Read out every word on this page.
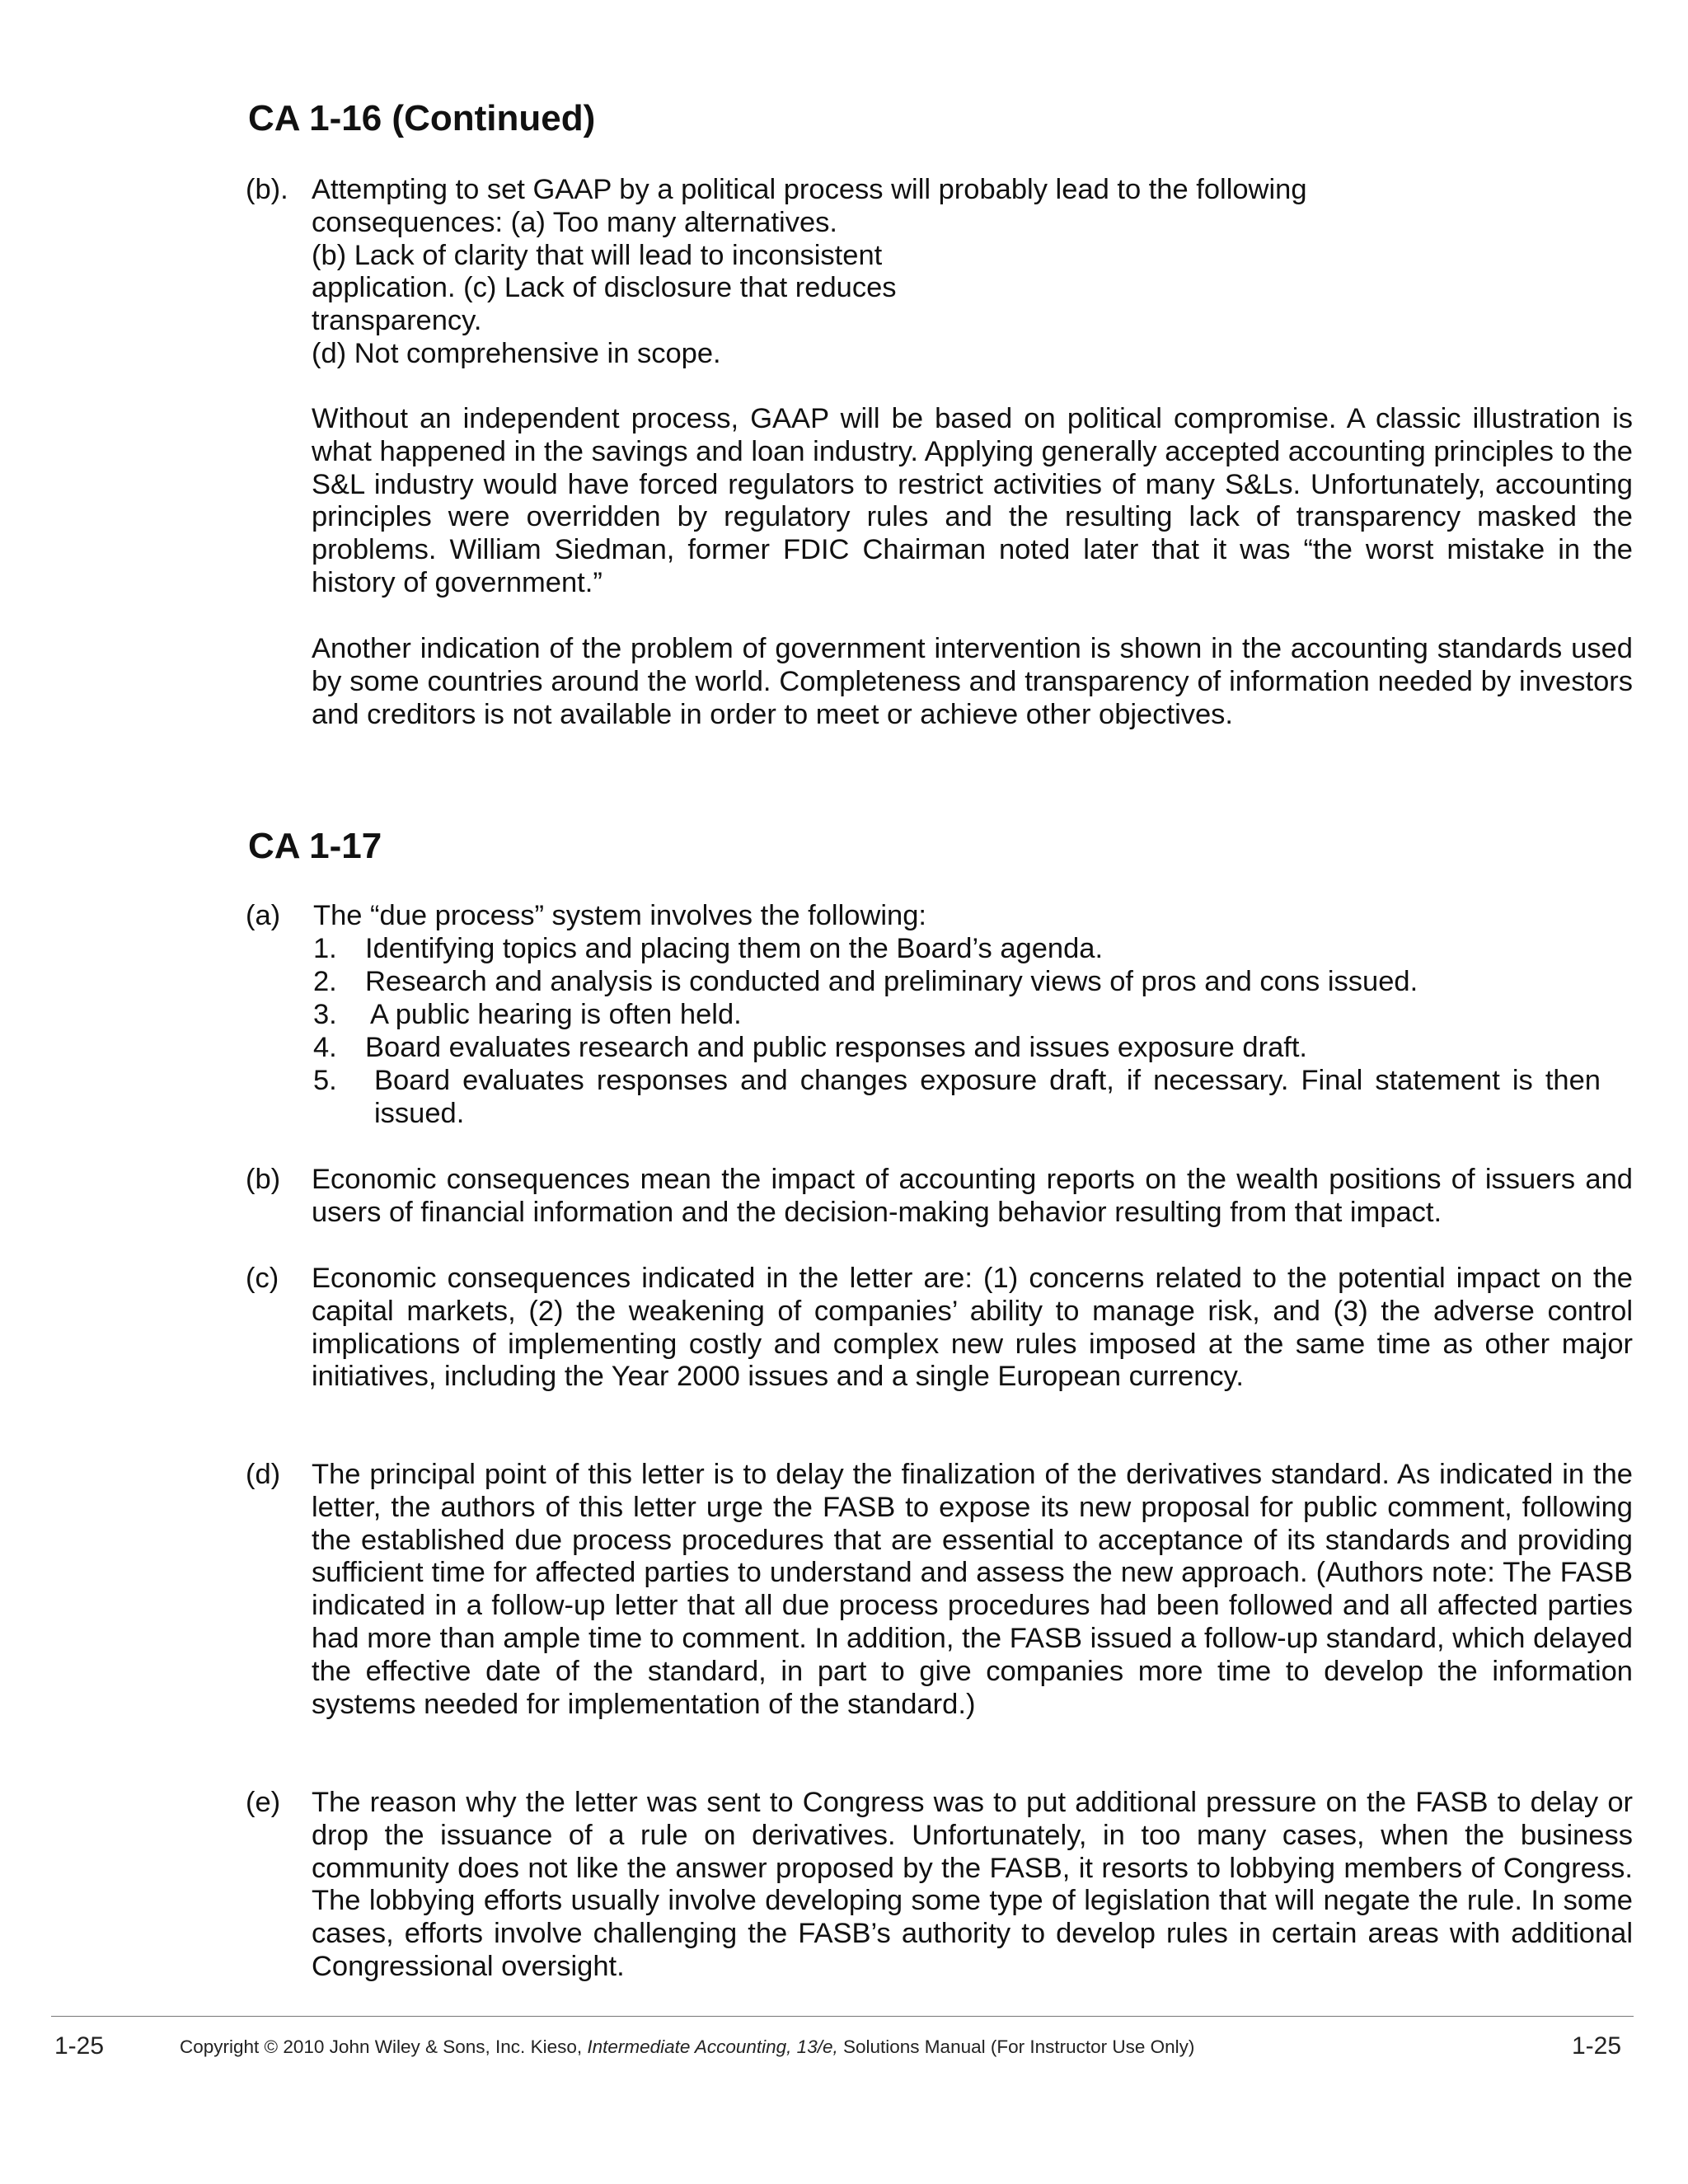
CA 1-16 (Continued)
(b). Attempting to set GAAP by a political process will probably lead to the following
consequences: (a) Too many alternatives.
(b) Lack of clarity that will lead to inconsistent
application. (c) Lack of disclosure that reduces
transparency.
(d) Not comprehensive in scope.

Without an independent process, GAAP will be based on political compromise. A classic illustration is what happened in the savings and loan industry. Applying generally accepted accounting principles to the S&L industry would have forced regulators to restrict activities of many S&Ls. Unfortunately, accounting principles were overridden by regulatory rules and the resulting lack of transparency masked the problems. William Siedman, former FDIC Chairman noted later that it was “the worst mistake in the history of government.”

Another indication of the problem of government intervention is shown in the accounting standards used by some countries around the world. Completeness and transparency of information needed by investors and creditors is not available in order to meet or achieve other objectives.

CA 1-17
(a) The “due process” system involves the following:
1. Identifying topics and placing them on the Board’s agenda.
2. Research and analysis is conducted and preliminary views of pros and cons issued.
3. A public hearing is often held.
4. Board evaluates research and public responses and issues exposure draft.
5. Board evaluates responses and changes exposure draft, if necessary. Final statement is then issued.
(b) Economic consequences mean the impact of accounting reports on the wealth positions of issuers and users of financial information and the decision-making behavior resulting from that impact.

(c) Economic consequences indicated in the letter are: (1) concerns related to the potential impact on the capital markets, (2) the weakening of companies’ ability to manage risk, and (3) the adverse control implications of implementing costly and complex new rules imposed at the same time as other major initiatives, including the Year 2000 issues and a single European currency.

(d) The principal point of this letter is to delay the finalization of the derivatives standard. As indicated in the letter, the authors of this letter urge the FASB to expose its new proposal for public comment, following the established due process procedures that are essential to acceptance of its standards and providing sufficient time for affected parties to understand and assess the new approach. (Authors note: The FASB indicated in a follow-up letter that all due process procedures had been followed and all affected parties had more than ample time to comment. In addition, the FASB issued a follow-up standard, which delayed the effective date of the standard, in part to give companies more time to develop the information systems needed for implementation of the standard.)

(e) The reason why the letter was sent to Congress was to put additional pressure on the FASB to delay or drop the issuance of a rule on derivatives. Unfortunately, in too many cases, when the business community does not like the answer proposed by the FASB, it resorts to lobbying members of Congress. The lobbying efforts usually involve developing some type of legislation that will negate the rule. In some cases, efforts involve challenging the FASB’s authority to develop rules in certain areas with additional Congressional oversight.

1-25	Copyright © 2010 John Wiley & Sons, Inc. Kieso, Intermediate Accounting, 13/e, Solutions Manual (For Instructor Use Only)	1-25
